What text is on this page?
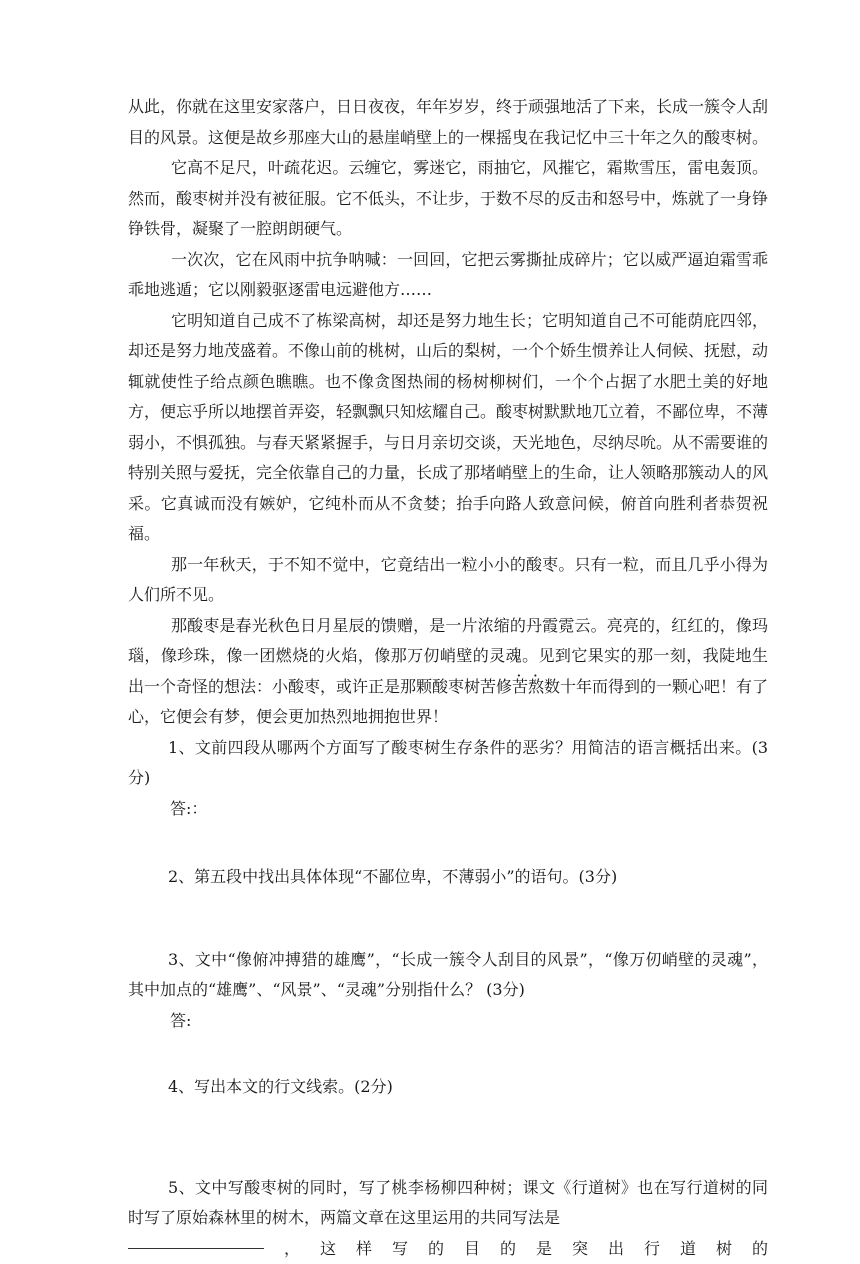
从此，你就在这里安家落户，日日夜夜，年年岁岁，终于顽强地活了下来，长成一簇令人刮目的风景。这便是故乡那座大山的悬崖峭壁上的一棵摇曳在我记忆中三十年之久的酸枣树。

它高不足尺，叶疏花迟。云缠它，雾迷它，雨抽它，风摧它，霜欺雪压，雷电轰顶。然而，酸枣树并没有被征服。它不低头，不让步，于数不尽的反击和怒号中，炼就了一身铮铮铁骨，凝聚了一腔朗朗硬气。

一次次，它在风雨中抗争呐喊：一回回，它把云雾撕扯成碎片；它以威严逼迫霜雪乖乖地逃遁；它以刚毅驱逐雷电远避他方……

它明知道自己成不了栋梁高树，却还是努力地生长；它明知道自己不可能荫庇四邻，却还是努力地茂盛着。不像山前的桃树，山后的梨树，一个个娇生惯养让人伺候、抚慰，动辄就使性子给点颜色瞧瞧。也不像贪图热闹的杨树柳树们，一个个占据了水肥土美的好地方，便忘乎所以地摆首弄姿，轻飘飘只知炫耀自己。酸枣树默默地兀立着，不鄙位卑，不薄弱小，不惧孤独。与春天紧紧握手，与日月亲切交谈，天光地色，尽纳尽吮。从不需要谁的特别关照与爱抚，完全依靠自己的力量，长成了那堵峭壁上的生命，让人领略那簇动人的风采。它真诚而没有嫉妒，它纯朴而从不贪婪；抬手向路人致意问候，俯首向胜利者恭贺祝福。

那一年秋天，于不知不觉中，它竟结出一粒小小的酸枣。只有一粒，而且几乎小得为人们所不见。

那酸枣是春光秋色日月星辰的馈赠，是一片浓缩的丹霞霓云。亮亮的，红红的，像玛瑙，像珍珠，像一团燃烧的火焰，像那万仞峭壁的灵魂。见到它果实的那一刻，我陡地生出一个奇怪的想法：小酸枣，或许正是那颗酸枣树苦修苦熬数十年而得到的一颗心吧！有了心，它便会有梦，便会更加热烈地拥抱世界！

1、文前四段从哪两个方面写了酸枣树生存条件的恶劣？用简洁的语言概括出来。(3分)

答:：

2、第五段中找出具体体现“不鄙位卑，不薄弱小”的语句。(3分)

3、文中“像俯冲搏猎的雄鹰”，“长成一簇令人刮目的风景”，“像万仞峭壁的灵魂”，其中加点的“雄鹰”、“风景”、“灵魂”分别指什么？ (3分)

答:

4、写出本文的行文线索。(2分)

5、文中写酸枣树的同时，写了桃李杨柳四种树；课文《行道树》也在写行道树的同时写了原始森林里的树木，两篇文章在这里运用的共同写法是

， 这 样 写 的 目 的 是 突 出 行 道 树 的
